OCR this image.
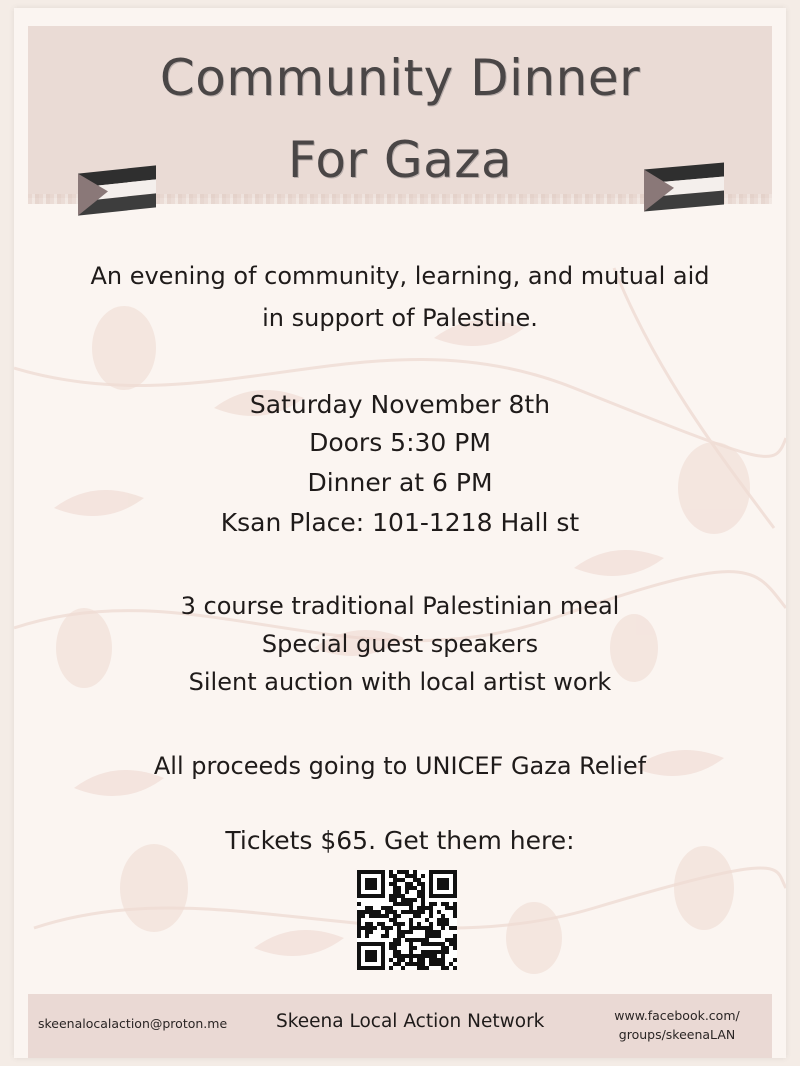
Community Dinner
For Gaza
An evening of community, learning, and mutual aid
in support of Palestine.
Saturday November 8th
Doors 5:30 PM
Dinner at 6 PM
Ksan Place: 101-1218 Hall st
3 course traditional Palestinian meal
Special guest speakers
Silent auction with local artist work
All proceeds going to UNICEF Gaza Relief
Tickets $65. Get them here:
skeenalocalaction@proton.me	Skeena Local Action Network	www.facebook.com/
groups/skeenaLAN
